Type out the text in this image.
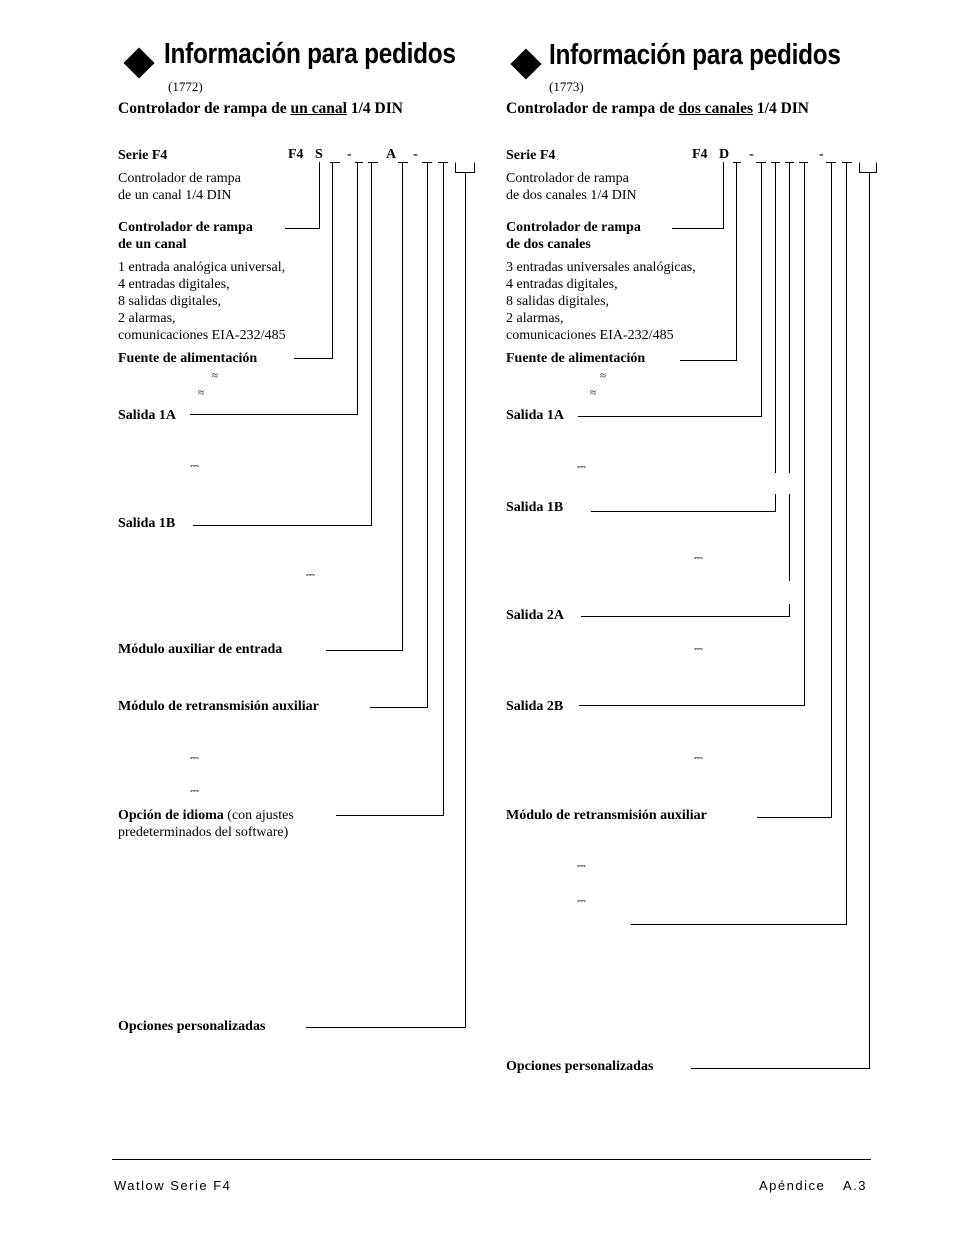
Información para pedidos
(1772)
Controlador de rampa de un canal 1/4 DIN
Serie F4
Controlador de rampa
de un canal 1/4 DIN
F4 S - A -
Controlador de rampa
de un canal
1 entrada analógica universal,
4 entradas digitales,
8 salidas digitales,
2 alarmas,
comunicaciones EIA-232/485
Fuente de alimentación
≈
≈
Salida 1A
⎓
Salida 1B
⎓
Módulo auxiliar de entrada
Módulo de retransmisión auxiliar
⎓
⎓
Opción de idioma (con ajustes
predeterminados del software)
Opciones personalizadas
Información para pedidos
(1773)
Controlador de rampa de dos canales 1/4 DIN
Serie F4
Controlador de rampa
de dos canales 1/4 DIN
F4 D -	-
Controlador de rampa
de dos canales
3 entradas universales analógicas,
4 entradas digitales,
8 salidas digitales,
2 alarmas,
comunicaciones EIA-232/485
Fuente de alimentación
≈
≈
Salida 1A
⎓
Salida 1B
⎓
Salida 2A
⎓
Salida 2B
⎓
Módulo de retransmisión auxiliar
⎓
⎓
Opciones personalizadas
Watlow Serie F4	Apéndice A.3
